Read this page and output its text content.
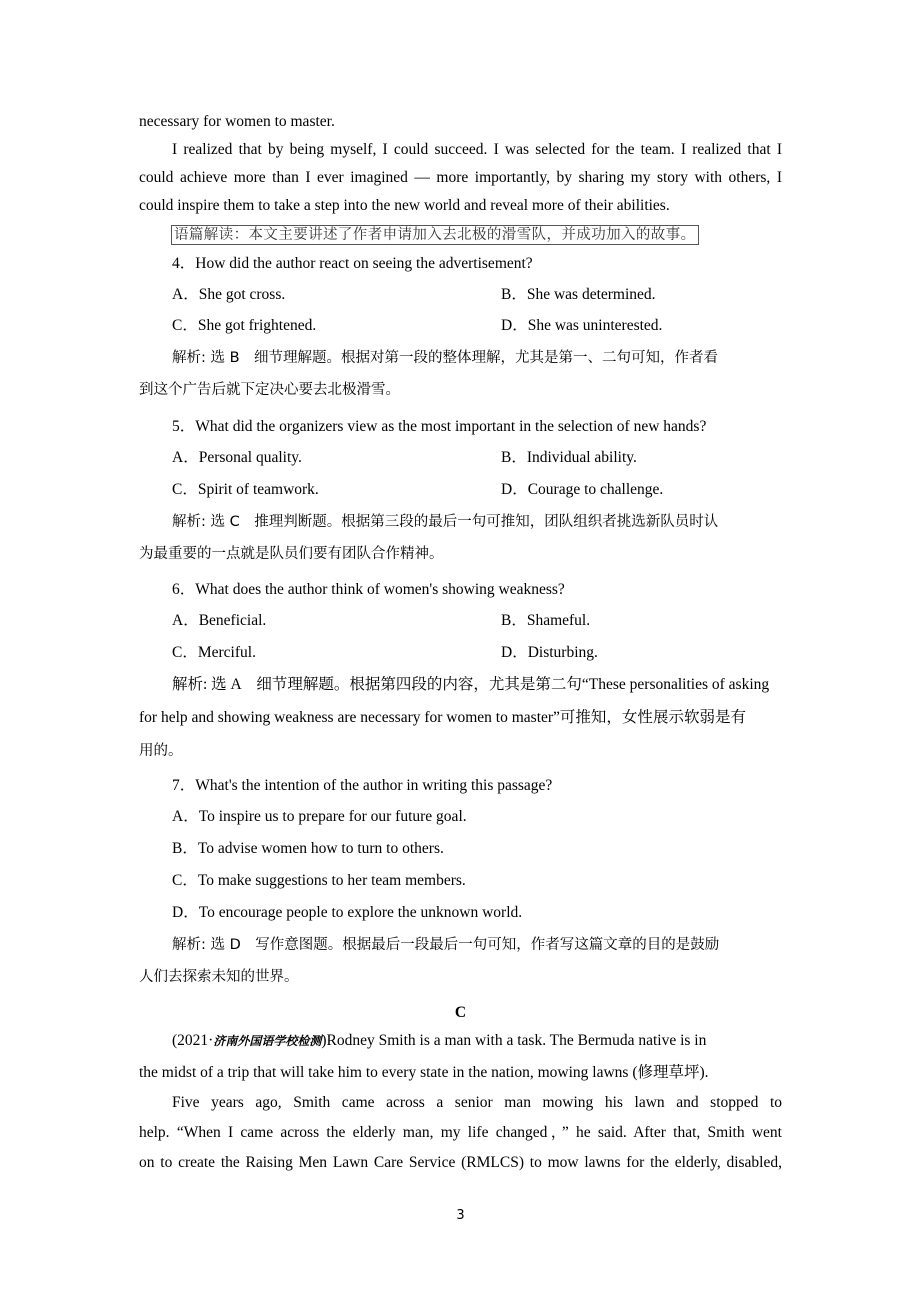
necessary for women to master.
I realized that by being myself, I could succeed. I was selected for the team. I realized that I
could achieve more than I ever imagined — more importantly, by sharing my story with others, I
could inspire them to take a step into the new world and reveal more of their abilities.
语篇解读：本文主要讲述了作者申请加入去北极的滑雪队，并成功加入的故事。
4．How did the author react on seeing the advertisement?
A．She got cross.	B．She was determined.
C．She got frightened.	D．She was uninterested.
解析: 选 B　细节理解题。根据对第一段的整体理解，尤其是第一、二句可知，作者看
到这个广告后就下定决心要去北极滑雪。
5．What did the organizers view as the most important in the selection of new hands?
A．Personal quality.	B．Individual ability.
C．Spirit of teamwork.	D．Courage to challenge.
解析: 选 C　推理判断题。根据第三段的最后一句可推知，团队组织者挑选新队员时认
为最重要的一点就是队员们要有团队合作精神。
6．What does the author think of women's showing weakness?
A．Beneficial.	B．Shameful.
C．Merciful.	D．Disturbing.
解析: 选 A　细节理解题。根据第四段的内容，尤其是第二句“These personalities of asking
for help and showing weakness are necessary for women to master”可推知，女性展示软弱是有
用的。
7．What's the intention of the author in writing this passage?
A．To inspire us to prepare for our future goal.
B．To advise women how to turn to others.
C．To make suggestions to her team members.
D．To encourage people to explore the unknown world.
解析: 选 D　写作意图题。根据最后一段最后一句可知，作者写这篇文章的目的是鼓励
人们去探索未知的世界。
C
(2021·济南外国语学校检测)Rodney Smith is a man with a task. The Bermuda native is in
the midst of a trip that will take him to every state in the nation, mowing lawns (修理草坪).
Five years ago, Smith came across a senior man mowing his lawn and stopped to
help. “When I came across the elderly man, my life changed，” he said. After that, Smith went
on to create the Raising Men Lawn Care Service (RMLCS) to mow lawns for the elderly, disabled,
3
